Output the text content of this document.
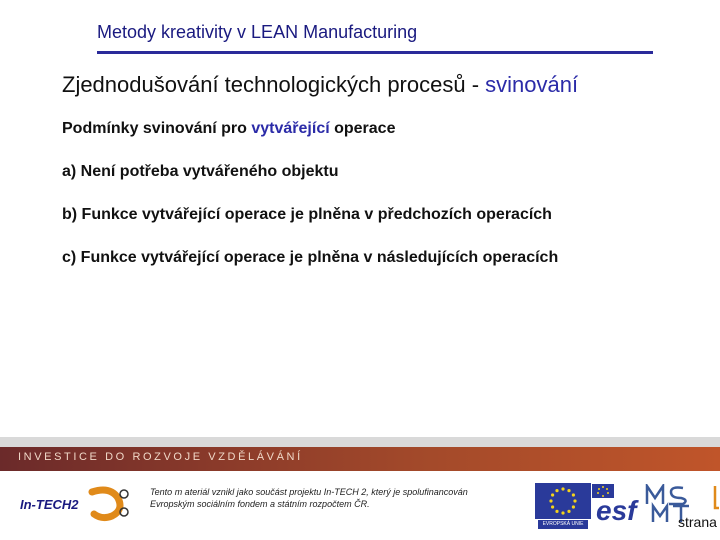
Metody kreativity v LEAN Manufacturing
Zjednodušování technologických procesů - svinování
Podmínky svinování pro vytvářející operace
a) Není potřeba vytvářeného objektu
b) Funkce vytvářející operace je plněna v předchozích operacích
c) Funkce vytvářející operace je plněna v následujících operacích
INVESTICE DO ROZVOJE VZDĚLÁVÁNÍ
In-TECH2
Tento m ateriál vznikl jako součást projektu In-TECH 2, který je spolufinancován Evropským sociálním fondem a státním rozpočtem ČR.
EVROPSKÁ UNIE esf	strana
